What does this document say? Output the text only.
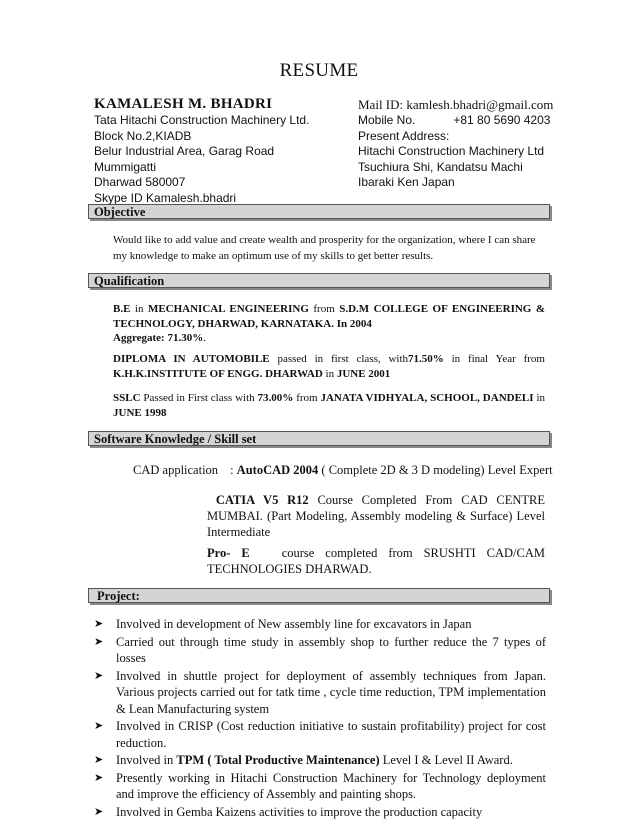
RESUME
KAMALESH M. BHADRI	Mail ID: kamlesh.bhadri@gmail.com
Tata Hitachi Construction Machinery Ltd.
Block No.2,KIADB
Belur Industrial Area, Garag Road
Mummigatti
Dharwad 580007
Skype ID Kamalesh.bhadri
Mobile No.	+81 80 5690 4203
Present Address:
Hitachi Construction Machinery Ltd
Tsuchiura Shi, Kandatsu Machi
Ibaraki Ken Japan
Objective
Would like to add value and create wealth and prosperity for the organization, where I can share
my knowledge to make an optimum use of my skills to get better results.
Qualification
B.E in MECHANICAL ENGINEERING from S.D.M COLLEGE OF ENGINEERING & TECHNOLOGY, DHARWAD, KARNATAKA. In 2004
Aggregate: 71.30%.
DIPLOMA IN AUTOMOBILE passed in first class, with71.50% in final Year from K.H.K.INSTITUTE OF ENGG. DHARWAD in JUNE 2001
SSLC Passed in First class with 73.00% from JANATA VIDHYALA, SCHOOL, DANDELI in JUNE 1998
Software Knowledge / Skill set
CAD application : AutoCAD 2004 ( Complete 2D & 3 D modeling) Level Expert
CATIA V5 R12 Course Completed From CAD CENTRE MUMBAI. (Part Modeling, Assembly modeling & Surface) Level Intermediate
Pro- E	course completed from SRUSHTI CAD/CAM TECHNOLOGIES DHARWAD.
Project:
➤ Involved in development of New assembly line for excavators in Japan
➤ Carried out through time study in assembly shop to further reduce the 7 types of losses
➤ Involved in shuttle project for deployment of assembly techniques from Japan. Various projects carried out for tatk time , cycle time reduction, TPM implementation & Lean Manufacturing system
➤ Involved in CRISP (Cost reduction initiative to sustain profitability) project for cost reduction.
➤ Involved in TPM ( Total Productive Maintenance) Level I & Level II Award.
➤ Presently working in Hitachi Construction Machinery for Technology deployment and improve the efficiency of Assembly and painting shops.
➤ Involved in Gemba Kaizens activities to improve the production capacity
